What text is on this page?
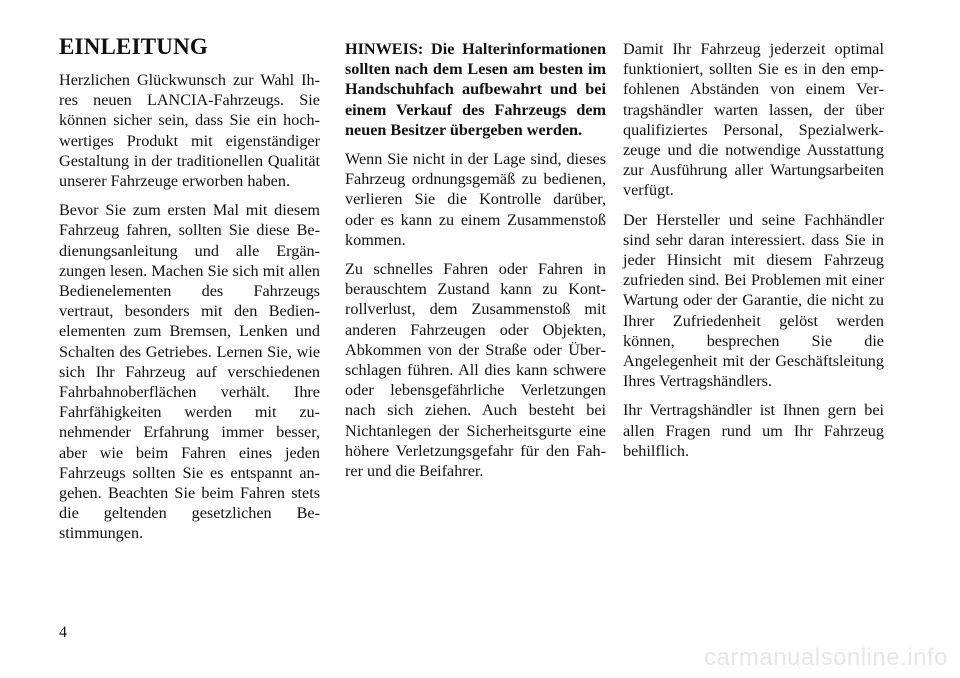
EINLEITUNG

Herzlichen Glückwunsch zur Wahl Ihres neuen LANCIA-Fahrzeugs. Sie können sicher sein, dass Sie ein hochwertiges Produkt mit eigenständiger Gestaltung in der traditionellen Qualität unserer Fahrzeuge erworben haben.

Bevor Sie zum ersten Mal mit diesem Fahrzeug fahren, sollten Sie diese Bedienungsanleitung und alle Ergänzungen lesen. Machen Sie sich mit allen Bedienelementen des Fahrzeugs vertraut, besonders mit den Bedienelementen zum Bremsen, Lenken und Schalten des Getriebes. Lernen Sie, wie sich Ihr Fahrzeug auf verschiedenen Fahrbahnoberflächen verhält. Ihre Fahrfähigkeiten werden mit zunehmender Erfahrung immer besser, aber wie beim Fahren eines jeden Fahrzeugs sollten Sie es entspannt angehen. Beachten Sie beim Fahren stets die geltenden gesetzlichen Bestimmungen.

HINWEIS: Die Halterinformationen sollten nach dem Lesen am besten im Handschuhfach aufbewahrt und bei einem Verkauf des Fahrzeugs dem neuen Besitzer übergeben werden.

Wenn Sie nicht in der Lage sind, dieses Fahrzeug ordnungsgemäß zu bedienen, verlieren Sie die Kontrolle darüber, oder es kann zu einem Zusammenstoß kommen.

Zu schnelles Fahren oder Fahren in berauschtem Zustand kann zu Kontrollverlust, dem Zusammenstoß mit anderen Fahrzeugen oder Objekten, Abkommen von der Straße oder Überschlagen führen. All dies kann schwere oder lebensgefährliche Verletzungen nach sich ziehen. Auch besteht bei Nichtanlegen der Sicherheitsgurte eine höhere Verletzungsgefahr für den Fahrer und die Beifahrer.

Damit Ihr Fahrzeug jederzeit optimal funktioniert, sollten Sie es in den empfohlenen Abständen von einem Vertragshändler warten lassen, der über qualifiziertes Personal, Spezialwerkzeuge und die notwendige Ausstattung zur Ausführung aller Wartungsarbeiten verfügt.

Der Hersteller und seine Fachhändler sind sehr daran interessiert. dass Sie in jeder Hinsicht mit diesem Fahrzeug zufrieden sind. Bei Problemen mit einer Wartung oder der Garantie, die nicht zu Ihrer Zufriedenheit gelöst werden können, besprechen Sie die Angelegenheit mit der Geschäftsleitung Ihres Vertragshändlers.

Ihr Vertragshändler ist Ihnen gern bei allen Fragen rund um Ihr Fahrzeug behilflich.

4
carmanualsonline.info
